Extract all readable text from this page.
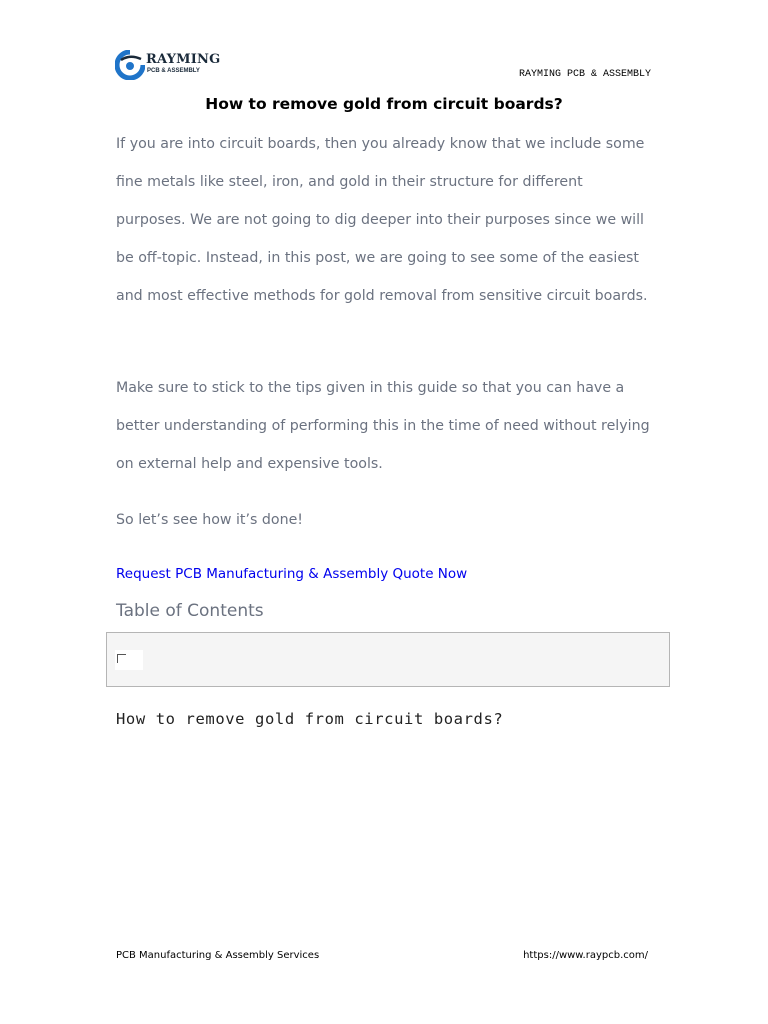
RAYMING
PCB & ASSEMBLY	RAYMING PCB & ASSEMBLY
How to remove gold from circuit boards?

If you are into circuit boards, then you already know that we include some fine metals like steel, iron, and gold in their structure for different purposes. We are not going to dig deeper into their purposes since we will be off-topic. Instead, in this post, we are going to see some of the easiest and most effective methods for gold removal from sensitive circuit boards.

Make sure to stick to the tips given in this guide so that you can have a better understanding of performing this in the time of need without relying on external help and expensive tools.

So let’s see how it’s done!

Request PCB Manufacturing & Assembly Quote Now
Table of Contents
How to remove gold from circuit boards?
PCB Manufacturing & Assembly Services	https://www.raypcb.com/
